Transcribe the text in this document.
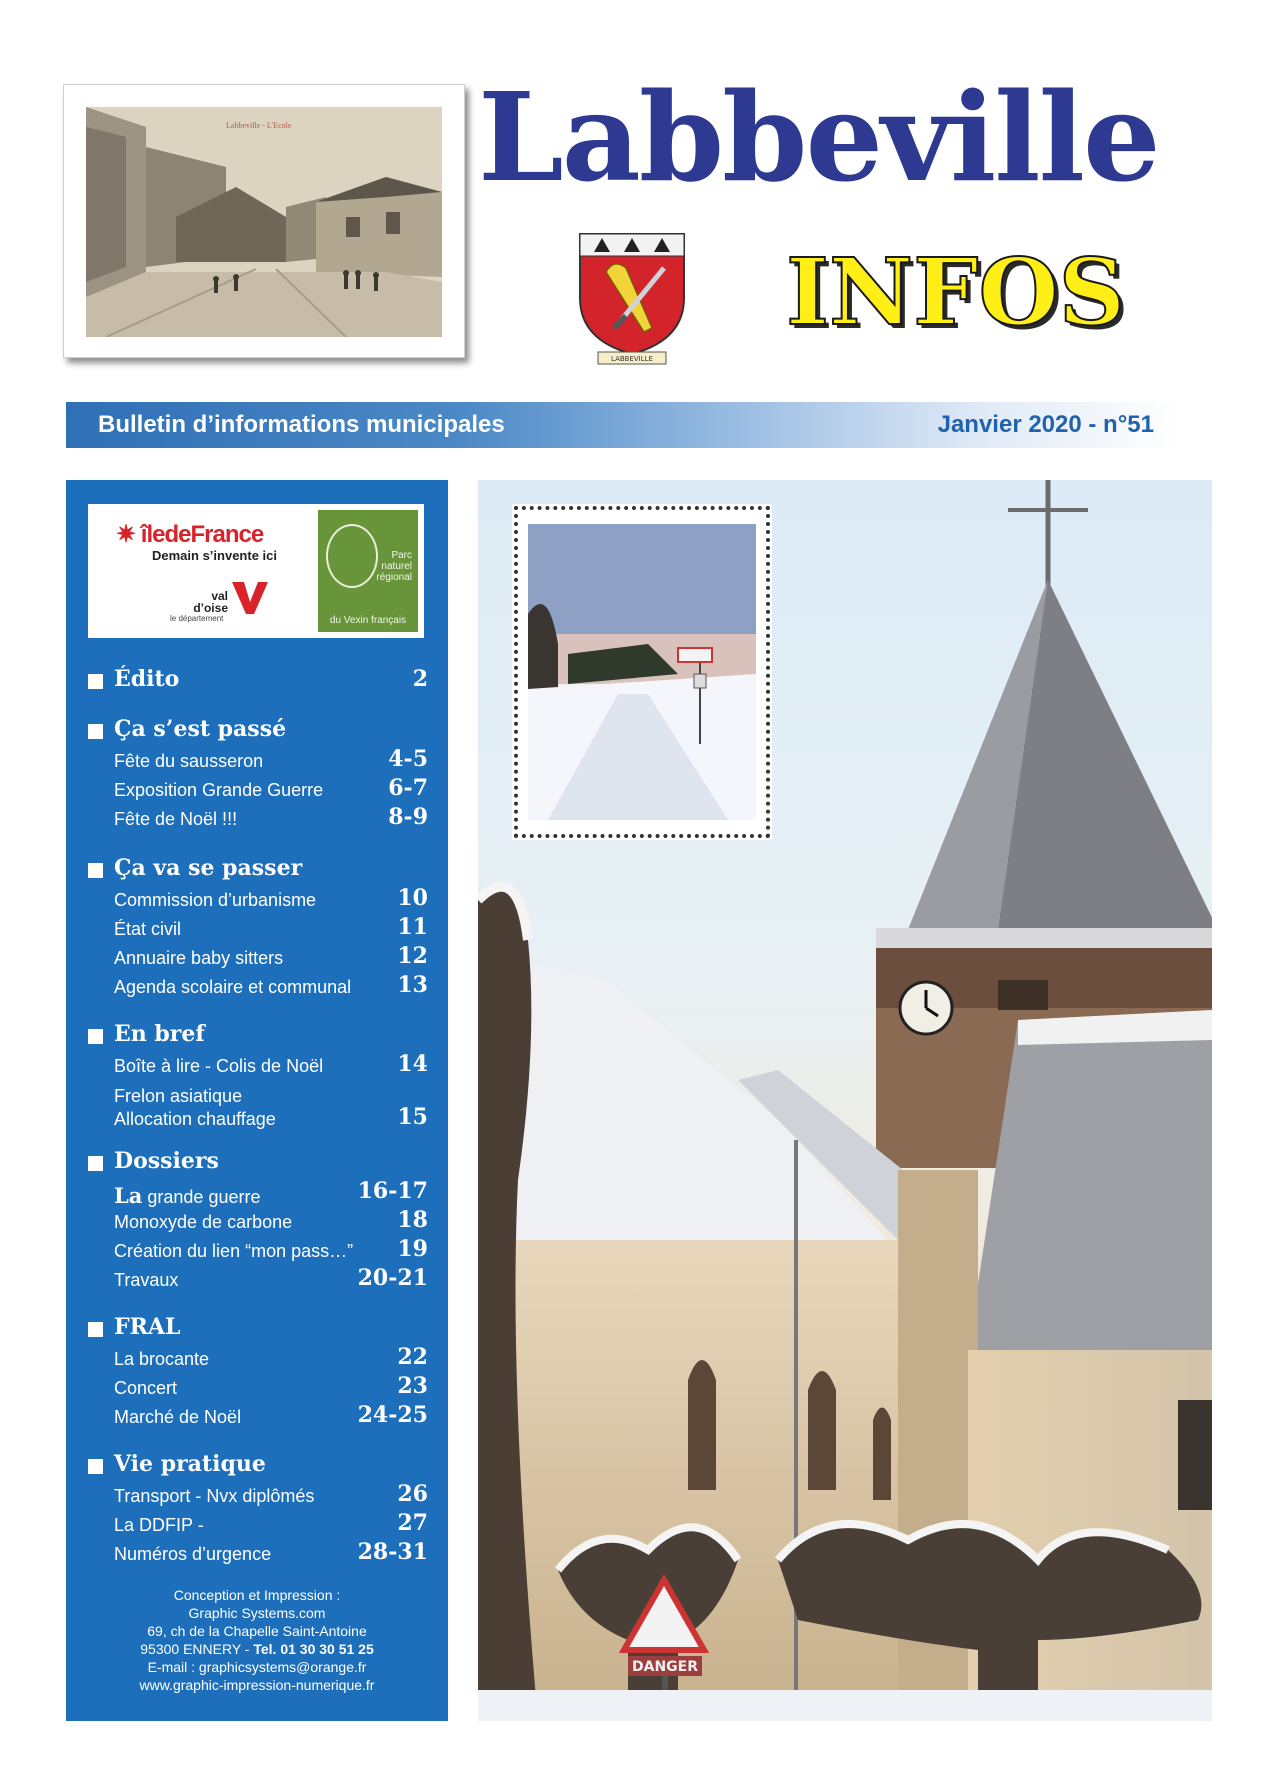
Labbeville - L'Ecole Labbeville
LABBEVILLE
INFOS
Bulletin d’informations municipales	Janvier 2020 - n°51
✷ îledeFrance
Demain s’invente ici
val
d’oise
le département
Parc naturel régional
du Vexin français
Édito	2
Ça s’est passé
Fête du sausseron	4-5
Exposition Grande Guerre	6-7
Fête de Noël !!!	8-9
Ça va se passer
Commission d’urbanisme	10
État civil	11
Annuaire baby sitters	12
Agenda scolaire et communal 13
En bref
Boîte à lire - Colis de Noël	14
Frelon asiatique
Allocation chauffage	15
Dossiers
La grande guerre	16-17
Monoxyde de carbone	18
Création du lien “mon pass…” 19
Travaux	20-21
FRAL
La brocante	22
Concert	23
Marché de Noël	24-25
Vie pratique
Transport - Nvx diplômés	26
La DDFIP -	27
Numéros d’urgence	28-31
Conception et Impression :
Graphic Systems.com
69, ch de la Chapelle Saint-Antoine
95300 ENNERY - Tel. 01 30 30 51 25
E-mail : graphicsystems@orange.fr
www.graphic-impression-numerique.fr
DANGER
